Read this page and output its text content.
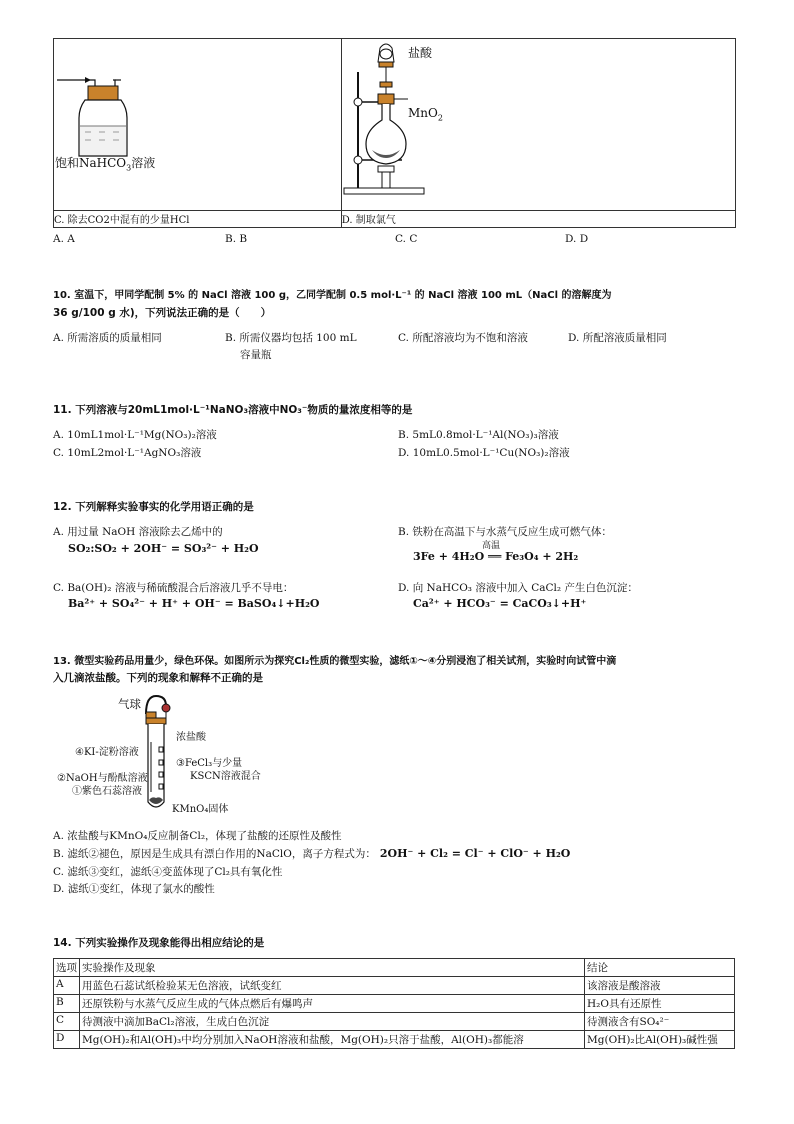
C. 除去CO2中混有的少量HCl	D. 制取氯气
饱和NaHCO$_3$溶液
盐酸
MnO$_2$
A. A	B. B	C. C	D. D
10. 室温下，甲同学配制 5% 的 NaCl 溶液 100 g，乙同学配制 0.5 mol·L⁻¹ 的 NaCl 溶液 100 mL（NaCl 的溶解度为
36 g/100 g 水)，下列说法正确的是（　　）
A. 所需溶质的质量相同	B. 所需仪器均包括 100 mL
容量瓶
C. 所配溶液均为不饱和溶液	D. 所配溶液质量相同
11. 下列溶液与20mL1mol·L⁻¹NaNO₃溶液中NO₃⁻物质的量浓度相等的是
A. 10mL1mol·L⁻¹Mg(NO₃)₂溶液	B. 5mL0.8mol·L⁻¹Al(NO₃)₃溶液
C. 10mL2mol·L⁻¹AgNO₃溶液	D. 10mL0.5mol·L⁻¹Cu(NO₃)₂溶液
12. 下列解释实验事实的化学用语正确的是
A. 用过量 NaOH 溶液除去乙烯中的
SO₂:SO₂ + 2OH⁻ = SO₃²⁻ + H₂O
B. 铁粉在高温下与水蒸气反应生成可燃气体：
高温
3Fe + 4H₂O ══ Fe₃O₄ + 2H₂
C. Ba(OH)₂ 溶液与稀硫酸混合后溶液几乎不导电：
Ba²⁺ + SO₄²⁻ + H⁺ + OH⁻ = BaSO₄↓+H₂O
D. 向 NaHCO₃ 溶液中加入 CaCl₂ 产生白色沉淀：
Ca²⁺ + HCO₃⁻ = CaCO₃↓+H⁺
13. 微型实验药品用量少，绿色环保。如图所示为探究Cl₂性质的微型实验，滤纸①～④分别浸泡了相关试剂，实验时向试管中滴
入几滴浓盐酸。下列的现象和解释不正确的是
气球
浓盐酸
④KI-淀粉溶液
③FeCl₃与少量
KSCN溶液混合
②NaOH与酚酞溶液
①紫色石蕊溶液
KMnO₄固体
A. 浓盐酸与KMnO₄反应制备Cl₂，体现了盐酸的还原性及酸性
B. 滤纸②褪色，原因是生成具有漂白作用的NaClO，离子方程式为： 2OH⁻ + Cl₂ = Cl⁻ + ClO⁻ + H₂O
C. 滤纸③变红，滤纸④变蓝体现了Cl₂具有氧化性
D. 滤纸①变红，体现了氯水的酸性
14. 下列实验操作及现象能得出相应结论的是
选项	实验操作及现象	结论
A	用蓝色石蕊试纸检验某无色溶液，试纸变红	该溶液是酸溶液
B	还原铁粉与水蒸气反应生成的气体点燃后有爆鸣声	H₂O具有还原性
C	待测液中滴加BaCl₂溶液，生成白色沉淀	待测液含有SO₄²⁻
D	Mg(OH)₂和Al(OH)₃中均分别加入NaOH溶液和盐酸，Mg(OH)₂只溶于盐酸，Al(OH)₃都能溶	Mg(OH)₂比Al(OH)₃碱性强
